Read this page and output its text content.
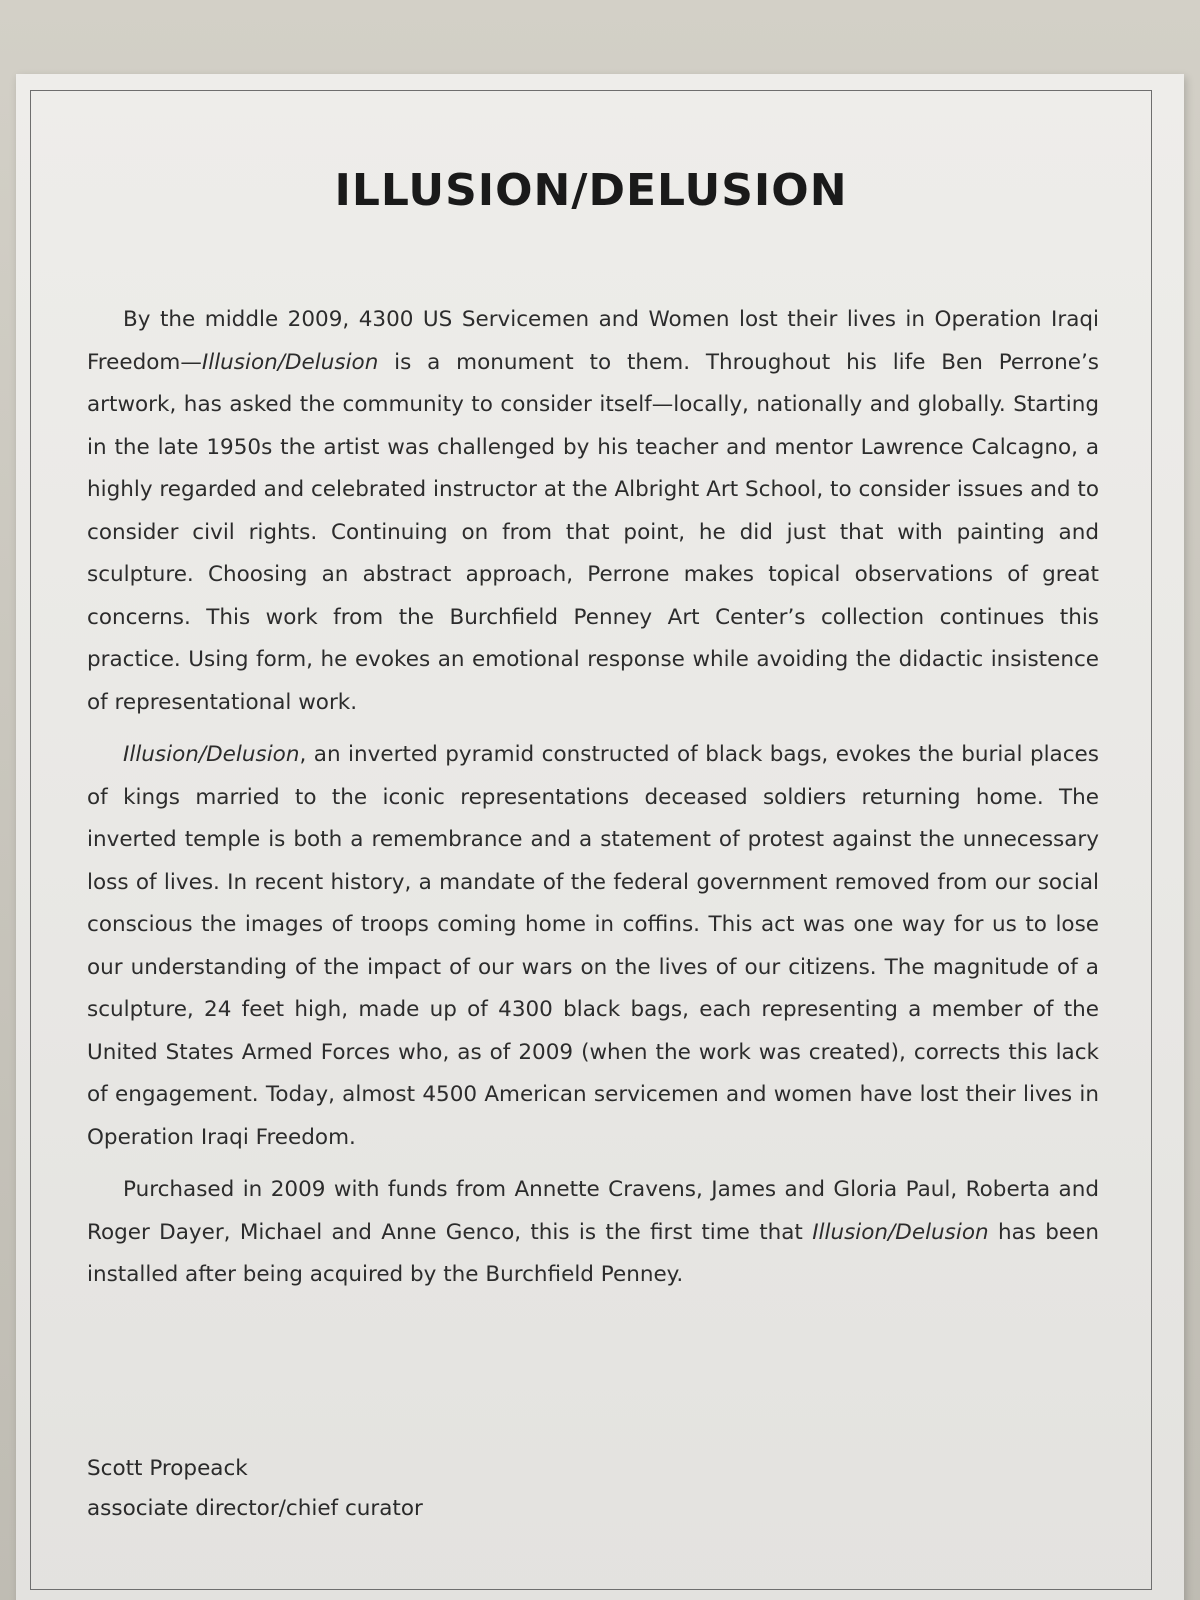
ILLUSION/DELUSION

By the middle 2009, 4300 US Servicemen and Women lost their lives in Operation Iraqi Freedom—Illusion/Delusion is a monument to them. Throughout his life Ben Perrone’s artwork, has asked the community to consider itself—locally, nationally and globally. Starting in the late 1950s the artist was challenged by his teacher and mentor Lawrence Calcagno, a highly regarded and celebrated instructor at the Albright Art School, to consider issues and to consider civil rights. Continuing on from that point, he did just that with painting and sculpture. Choosing an abstract approach, Perrone makes topical observations of great concerns. This work from the Burchfield Penney Art Center’s collection continues this practice. Using form, he evokes an emotional response while avoiding the didactic insistence of representational work.

Illusion/Delusion, an inverted pyramid constructed of black bags, evokes the burial places of kings married to the iconic representations deceased soldiers returning home. The inverted temple is both a remembrance and a statement of protest against the unnecessary loss of lives. In recent history, a mandate of the federal government removed from our social conscious the images of troops coming home in coffins. This act was one way for us to lose our understanding of the impact of our wars on the lives of our citizens. The magnitude of a sculpture, 24 feet high, made up of 4300 black bags, each representing a member of the United States Armed Forces who, as of 2009 (when the work was created), corrects this lack of engagement. Today, almost 4500 American servicemen and women have lost their lives in Operation Iraqi Freedom.

Purchased in 2009 with funds from Annette Cravens, James and Gloria Paul, Roberta and Roger Dayer, Michael and Anne Genco, this is the first time that Illusion/Delusion has been installed after being acquired by the Burchfield Penney.

Scott Propeack
associate director/chief curator
